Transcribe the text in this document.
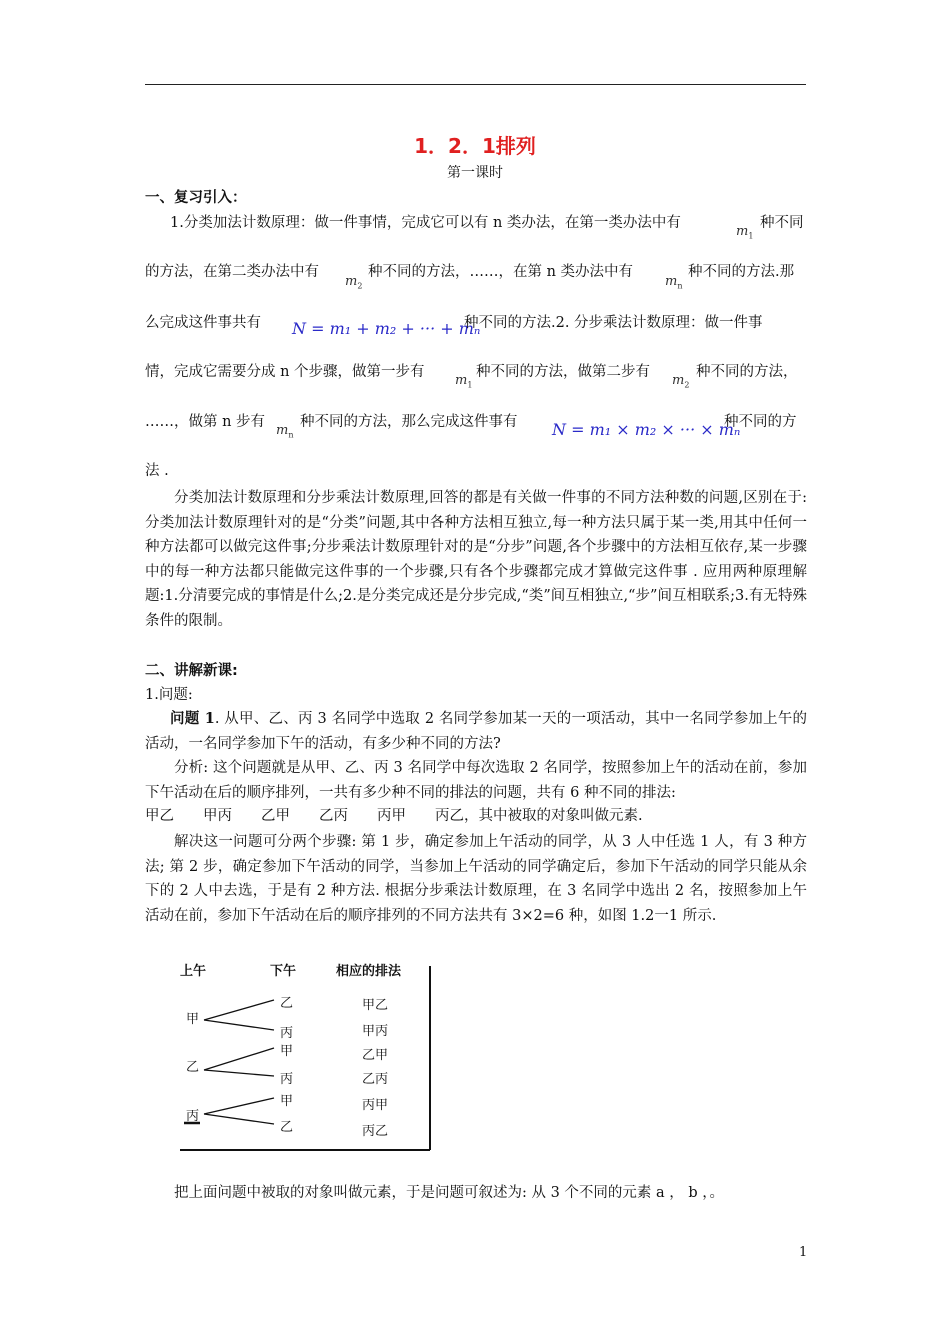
1．2．1排列
第一课时
一、复习引入：
1.分类加法计数原理：做一件事情，完成它可以有 n 类办法，在第一类办法中有
$m_1$
种不同
的方法，在第二类办法中有
$m_2$
种不同的方法，……，在第 n 类办法中有
$m_n$
种不同的方法.那
么完成这件事共有 N = m₁ + m₂ + ··· + mₙ
种不同的方法.2. 分步乘法计数原理：做一件事
情，完成它需要分成 n 个步骤，做第一步有
$m_1$
种不同的方法，做第二步有
$m_2$
种不同的方法，
……，做第 n 步有
$m_n$
种不同的方法，那么完成这件事有 N = m₁ × m₂ × ··· × mₙ
种不同的方
法 .
分类加法计数原理和分步乘法计数原理,回答的都是有关做一件事的不同方法种数的问题,区别在于:分类加法计数原理针对的是“分类”问题,其中各种方法相互独立,每一种方法只属于某一类,用其中任何一种方法都可以做完这件事;分步乘法计数原理针对的是“分步”问题,各个步骤中的方法相互依存,某一步骤中的每一种方法都只能做完这件事的一个步骤,只有各个步骤都完成才算做完这件事 . 应用两种原理解题:1.分清要完成的事情是什么;2.是分类完成还是分步完成,“类”间互相独立,“步”间互相联系;3.有无特殊条件的限制。
二、讲解新课:
1.问题:
问题 1. 从甲、乙、丙 3 名同学中选取 2 名同学参加某一天的一项活动，其中一名同学参加上午的活动，一名同学参加下午的活动，有多少种不同的方法?
分析: 这个问题就是从甲、乙、丙 3 名同学中每次选取 2 名同学，按照参加上午的活动在前，参加下午活动在后的顺序排列，一共有多少种不同的排法的问题，共有 6 种不同的排法:
甲乙　　甲丙　　乙甲　　乙丙　　丙甲　　丙乙，其中被取的对象叫做元素.
解决这一问题可分两个步骤: 第 1 步，确定参加上午活动的同学，从 3 人中任选 1 人，有 3 种方法; 第 2 步，确定参加下午活动的同学，当参加上午活动的同学确定后，参加下午活动的同学只能从余下的 2 人中去选，于是有 2 种方法. 根据分步乘法计数原理，在 3 名同学中选出 2 名，按照参加上午活动在前，参加下午活动在后的顺序排列的不同方法共有 3×2=6 种，如图 1.2一1 所示.
上午	下午	相应的排法
甲
乙
丙
乙
丙
甲
丙
甲
乙
甲乙
甲丙
乙甲
乙丙
丙甲
丙乙
把上面问题中被取的对象叫做元素，于是问题可叙述为: 从 3 个不同的元素 a ， b ，。
1
